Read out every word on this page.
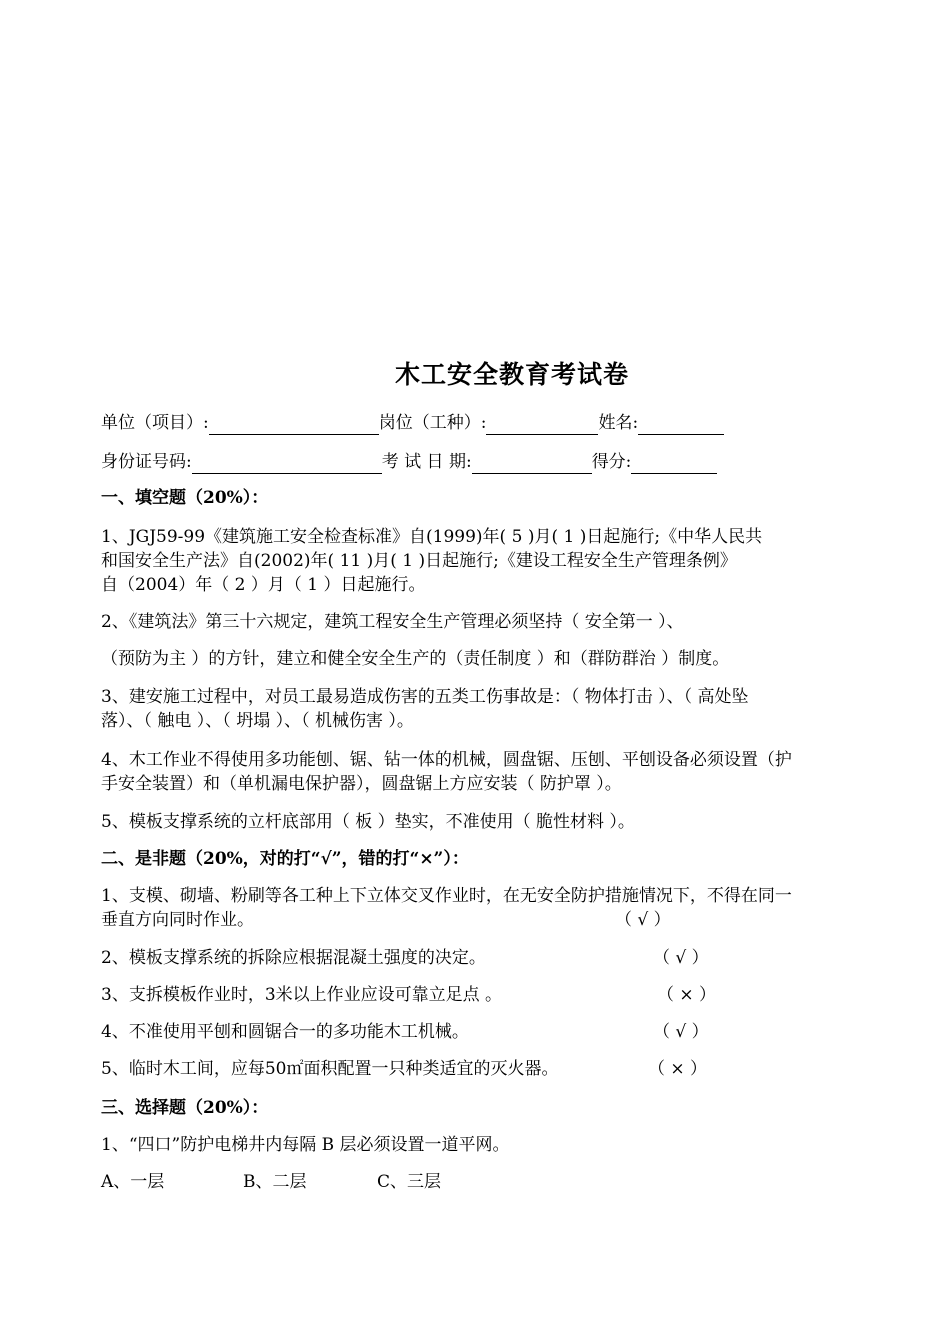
木工安全教育考试卷
单位（项目）:	岗位（工种）:	姓名:
身份证号码:	考 试 日 期:	得分:
一、填空题（20%）：
1、JGJ59-99《建筑施工安全检查标准》自(1999)年( 5 )月( 1 )日起施行;《中华人民共
和国安全生产法》自(2002)年( 11 )月( 1 )日起施行;《建设工程安全生产管理条例》
自（2004）年（ 2 ）月（ 1 ）日起施行。
2、《建筑法》第三十六规定，建筑工程安全生产管理必须坚持（ 安全第一 ）、
（预防为主 ）的方针，建立和健全安全生产的（责任制度 ）和（群防群治 ）制度。
3、建安施工过程中，对员工最易造成伤害的五类工伤事故是：（ 物体打击 ）、（ 高处坠
落）、（ 触电 ）、（ 坍塌 ）、（ 机械伤害 ）。
4、木工作业不得使用多功能刨、锯、钻一体的机械，圆盘锯、压刨、平刨设备必须设置（护
手安全装置）和（单机漏电保护器），圆盘锯上方应安装（ 防护罩 ）。
5、模板支撑系统的立杆底部用（ 板 ）垫实，不准使用（ 脆性材料 ）。
二、是非题（20%，对的打“√”，错的打“×”）：
1、支模、砌墙、粉刷等各工种上下立体交叉作业时，在无安全防护措施情况下，不得在同一
垂直方向同时作业。	（ √ ）
2、模板支撑系统的拆除应根据混凝土强度的决定。	（ √ ）
3、支拆模板作业时，3米以上作业应设可靠立足点 。	（ × ）
4、不准使用平刨和圆锯合一的多功能木工机械。	（ √ ）
5、临时木工间，应每50㎡面积配置一只种类适宜的灭火器。	（ × ）
三、选择题（20%）：
1、“四口”防护电梯井内每隔 B 层必须设置一道平网。
A、一层	B、二层	C、三层
